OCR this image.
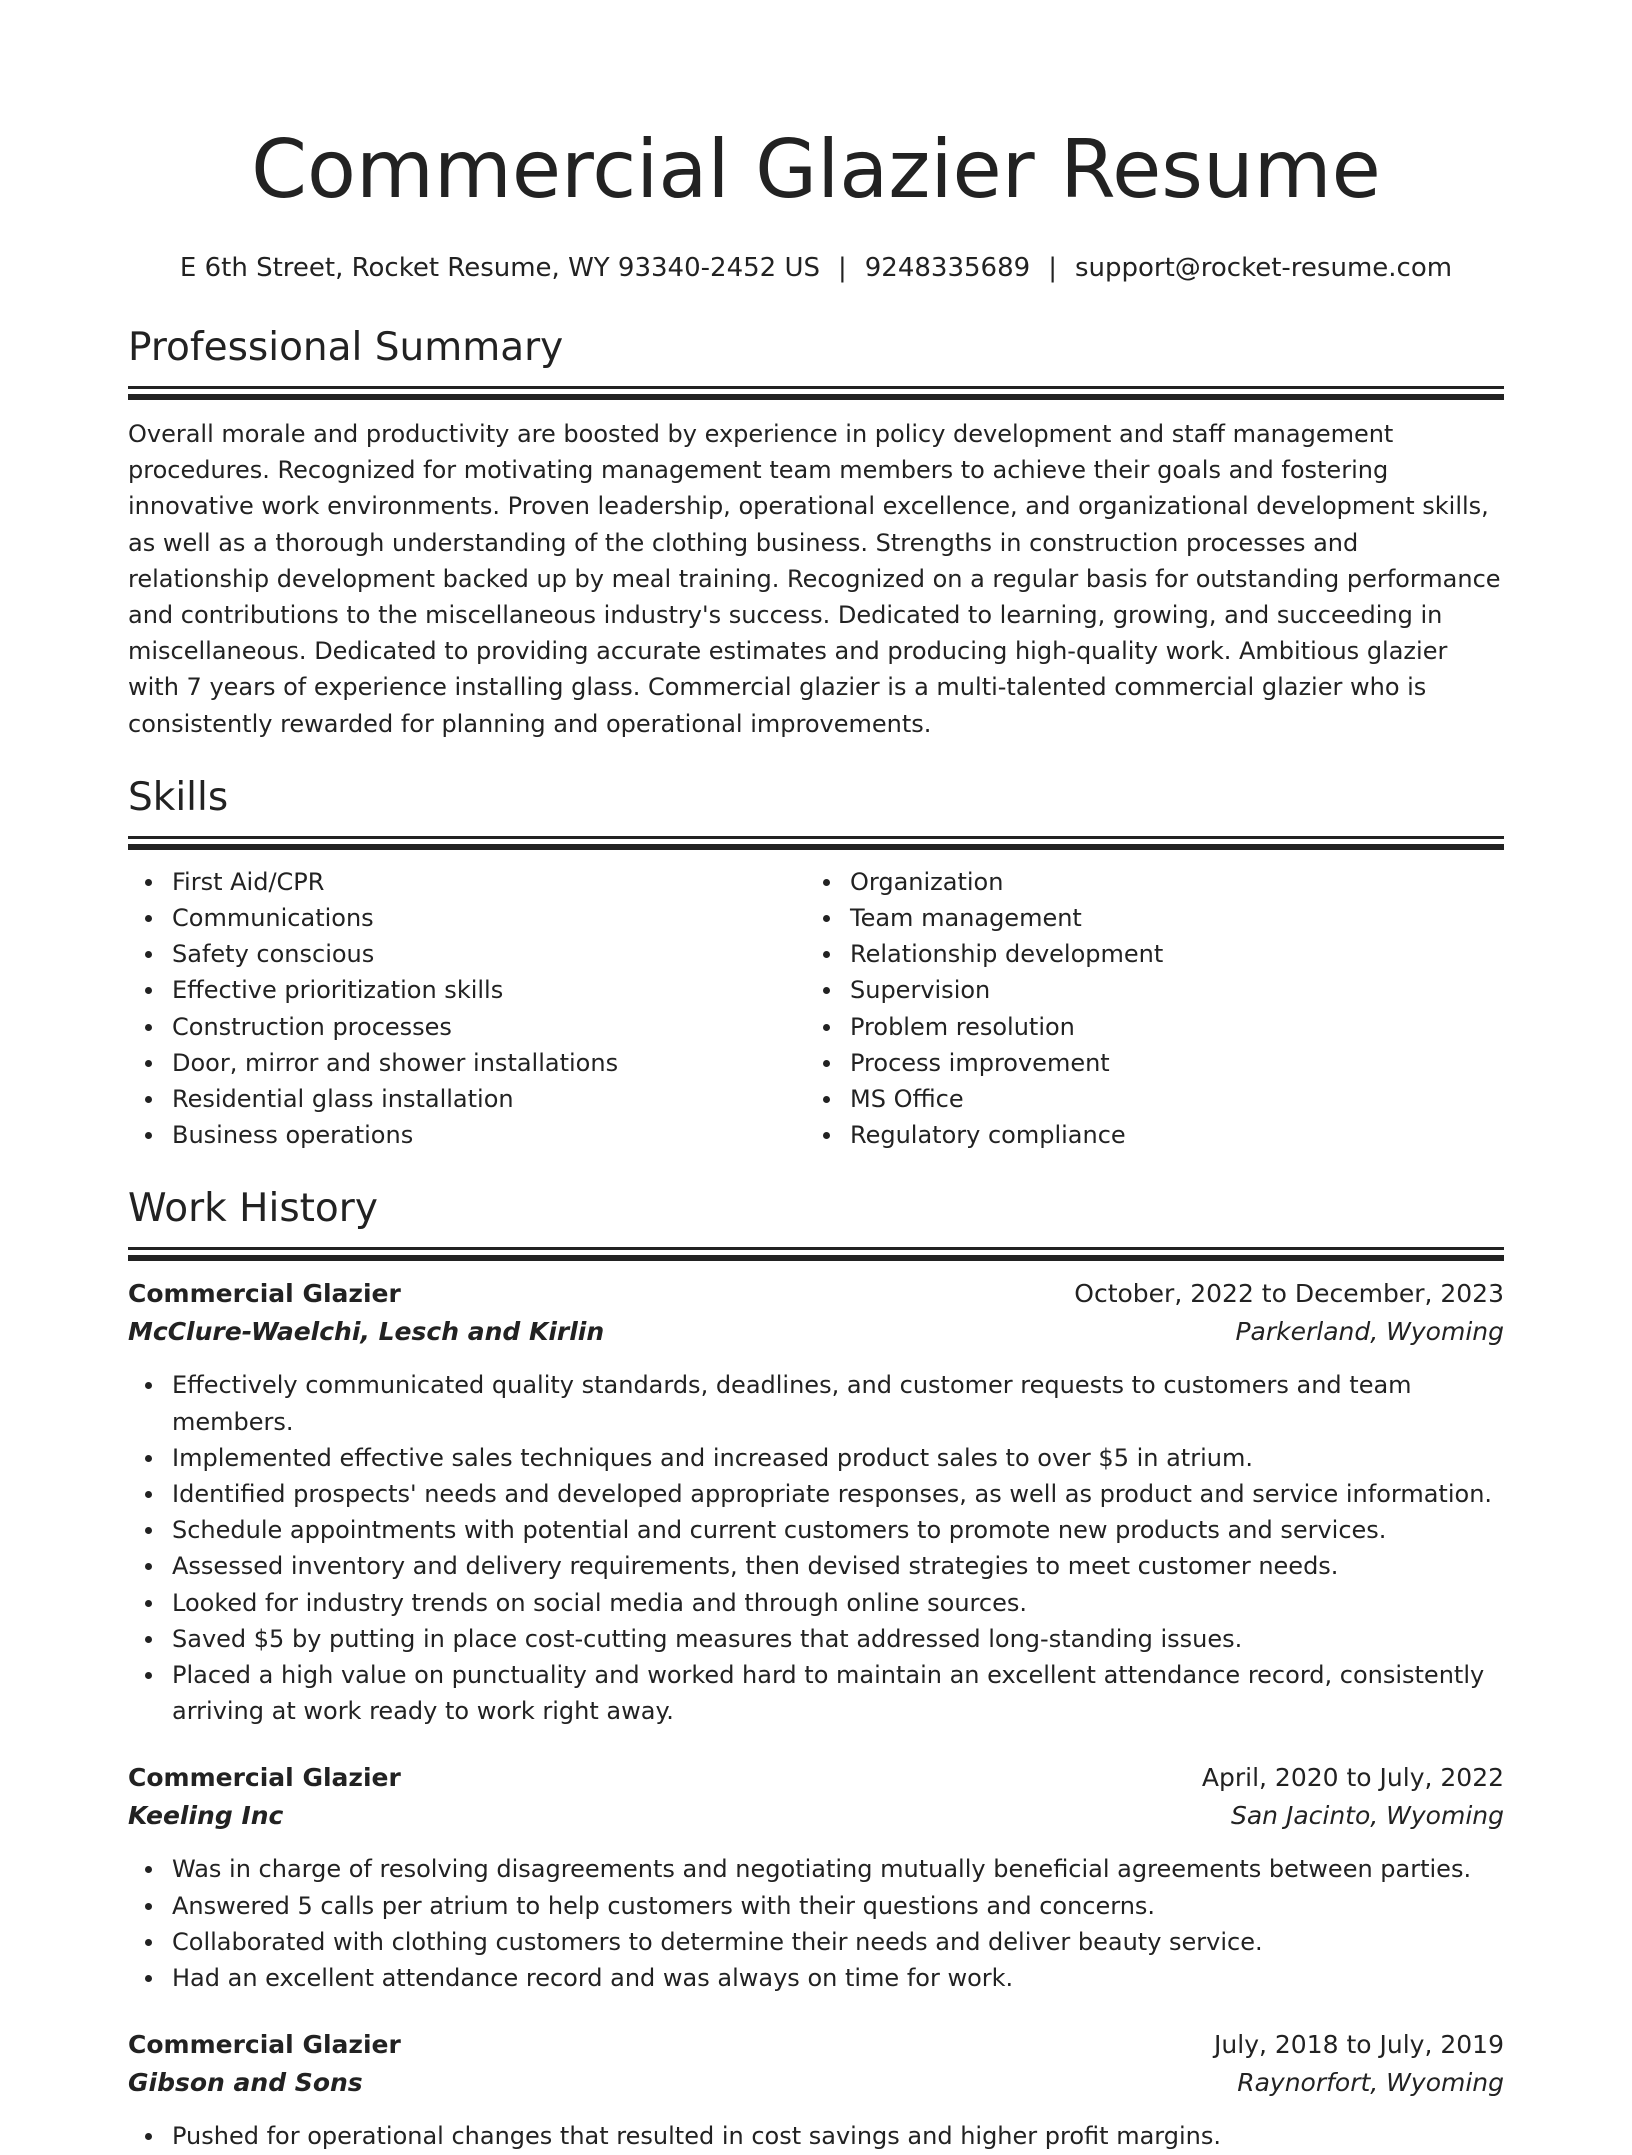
Commercial Glazier Resume
E 6th Street, Rocket Resume, WY 93340-2452 US | 9248335689 | support@rocket-resume.com
Professional Summary

Overall morale and productivity are boosted by experience in policy development and staff management procedures. Recognized for motivating management team members to achieve their goals and fostering innovative work environments. Proven leadership, operational excellence, and organizational development skills, as well as a thorough understanding of the clothing business. Strengths in construction processes and relationship development backed up by meal training. Recognized on a regular basis for outstanding performance and contributions to the miscellaneous industry's success. Dedicated to learning, growing, and succeeding in miscellaneous. Dedicated to providing accurate estimates and producing high-quality work. Ambitious glazier with 7 years of experience installing glass. Commercial glazier is a multi-talented commercial glazier who is consistently rewarded for planning and operational improvements.

Skills
First Aid/CPR
Communications
Safety conscious
Effective prioritization skills
Construction processes
Door, mirror and shower installations
Residential glass installation
Business operations
Organization
Team management
Relationship development
Supervision
Problem resolution
Process improvement
MS Office
Regulatory compliance
Work History
Commercial Glazier	October, 2022 to December, 2023
McClure-Waelchi, Lesch and Kirlin	Parkerland, Wyoming
Effectively communicated quality standards, deadlines, and customer requests to customers and team members.
Implemented effective sales techniques and increased product sales to over $5 in atrium.
Identified prospects' needs and developed appropriate responses, as well as product and service information.
Schedule appointments with potential and current customers to promote new products and services.
Assessed inventory and delivery requirements, then devised strategies to meet customer needs.
Looked for industry trends on social media and through online sources.
Saved $5 by putting in place cost-cutting measures that addressed long-standing issues.
Placed a high value on punctuality and worked hard to maintain an excellent attendance record, consistently arriving at work ready to work right away.
Commercial Glazier	April, 2020 to July, 2022
Keeling Inc	San Jacinto, Wyoming
Was in charge of resolving disagreements and negotiating mutually beneficial agreements between parties.
Answered 5 calls per atrium to help customers with their questions and concerns.
Collaborated with clothing customers to determine their needs and deliver beauty service.
Had an excellent attendance record and was always on time for work.
Commercial Glazier	July, 2018 to July, 2019
Gibson and Sons	Raynorfort, Wyoming
Pushed for operational changes that resulted in cost savings and higher profit margins.
